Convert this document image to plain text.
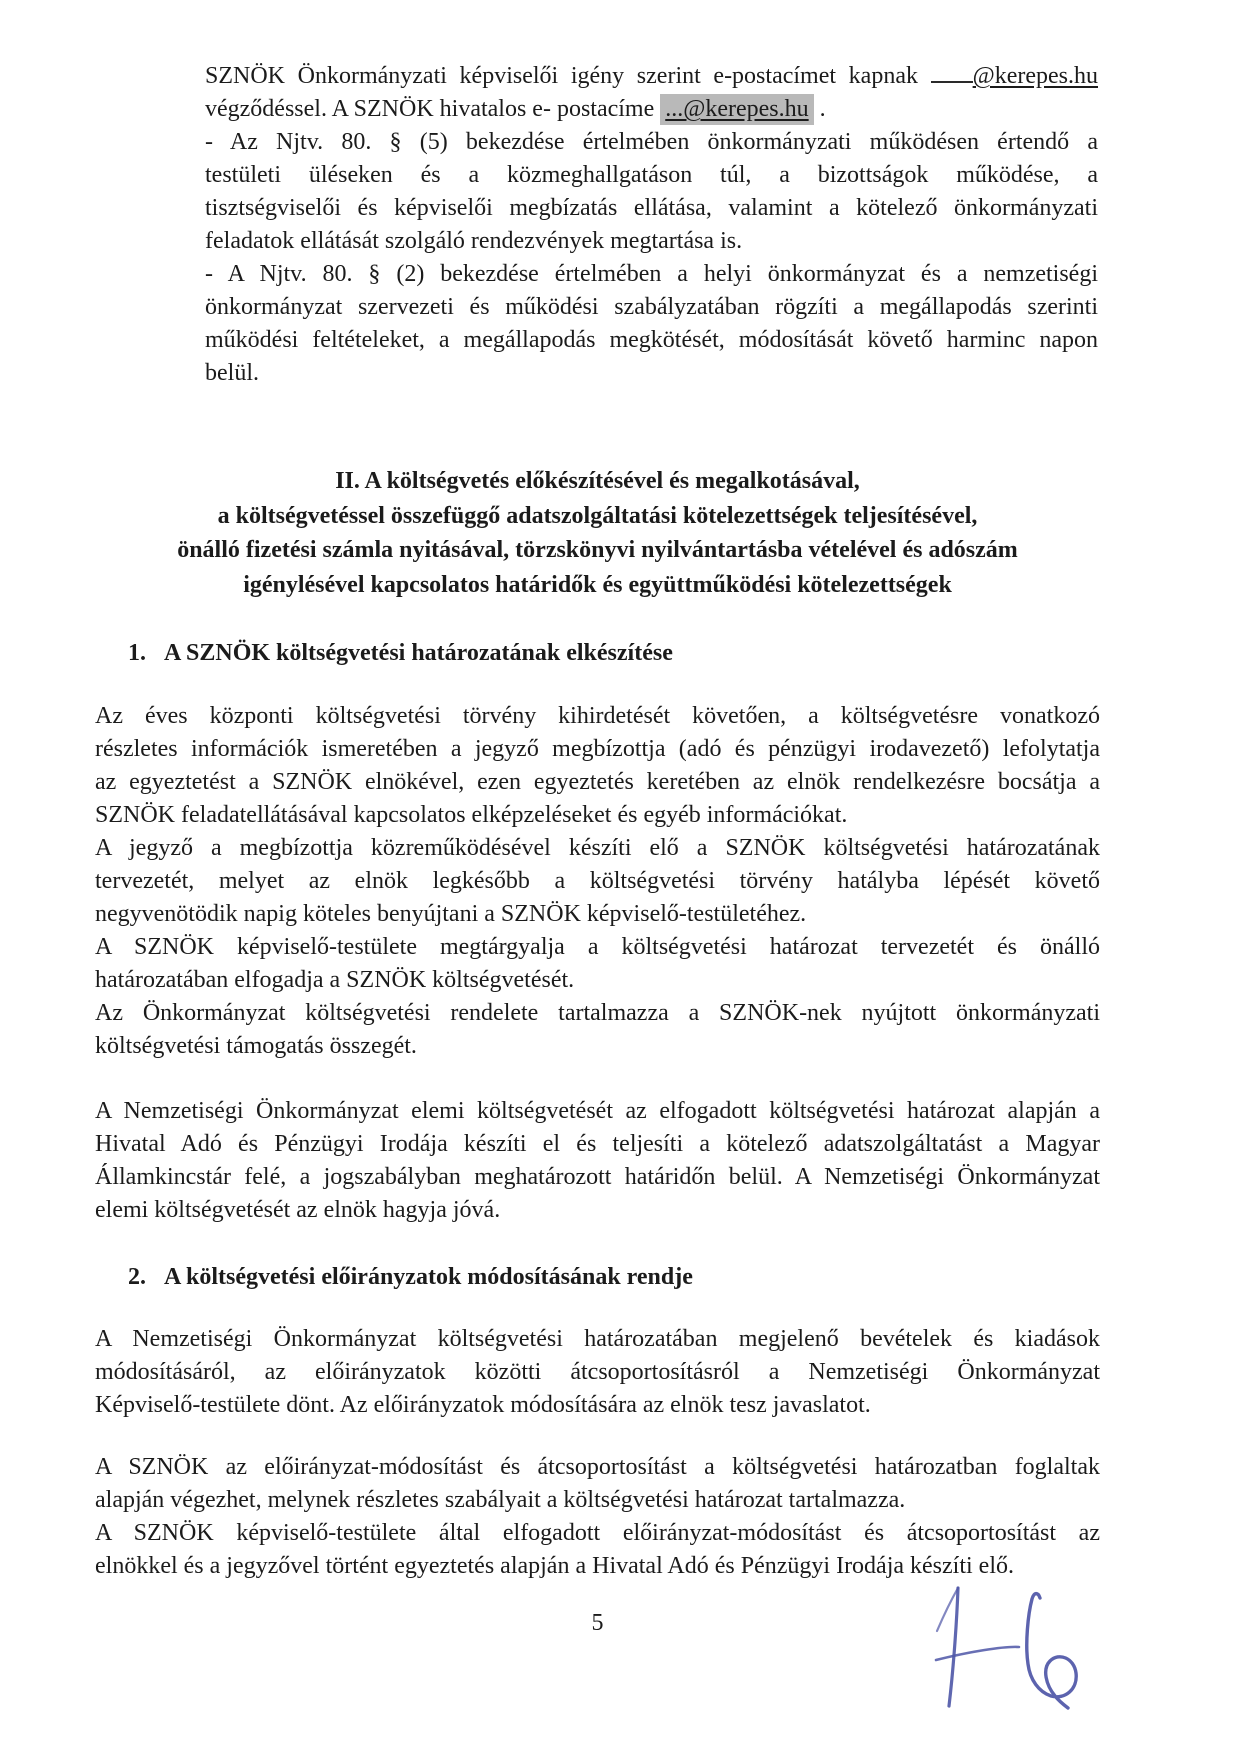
SZNÖK Önkormányzati képviselői igény szerint e-postacímet kapnak @kerepes.hu
végződéssel. A SZNÖK hivatalos e- postacíme ...@kerepes.hu .
- Az Njtv. 80. § (5) bekezdése értelmében önkormányzati működésen értendő a
testületi üléseken és a közmeghallgatáson túl, a bizottságok működése, a
tisztségviselői és képviselői megbízatás ellátása, valamint a kötelező önkormányzati
feladatok ellátását szolgáló rendezvények megtartása is.
- A Njtv. 80. § (2) bekezdése értelmében a helyi önkormányzat és a nemzetiségi
önkormányzat szervezeti és működési szabályzatában rögzíti a megállapodás szerinti
működési feltételeket, a megállapodás megkötését, módosítását követő harminc napon
belül.
II. A költségvetés előkészítésével és megalkotásával,
a költségvetéssel összefüggő adatszolgáltatási kötelezettségek teljesítésével,
önálló fizetési számla nyitásával, törzskönyvi nyilvántartásba vételével és adószám
igénylésével kapcsolatos határidők és együttműködési kötelezettségek
1. A SZNÖK költségvetési határozatának elkészítése
Az éves központi költségvetési törvény kihirdetését követően, a költségvetésre vonatkozó
részletes információk ismeretében a jegyző megbízottja (adó és pénzügyi irodavezető) lefolytatja
az egyeztetést a SZNÖK elnökével, ezen egyeztetés keretében az elnök rendelkezésre bocsátja a
SZNÖK feladatellátásával kapcsolatos elképzeléseket és egyéb információkat.
A jegyző a megbízottja közreműködésével készíti elő a SZNÖK költségvetési határozatának
tervezetét, melyet az elnök legkésőbb a költségvetési törvény hatályba lépését követő
negyvenötödik napig köteles benyújtani a SZNÖK képviselő-testületéhez.
A SZNÖK képviselő-testülete megtárgyalja a költségvetési határozat tervezetét és önálló
határozatában elfogadja a SZNÖK költségvetését.
Az Önkormányzat költségvetési rendelete tartalmazza a SZNÖK-nek nyújtott önkormányzati
költségvetési támogatás összegét.
A Nemzetiségi Önkormányzat elemi költségvetését az elfogadott költségvetési határozat alapján a
Hivatal Adó és Pénzügyi Irodája készíti el és teljesíti a kötelező adatszolgáltatást a Magyar
Államkincstár felé, a jogszabályban meghatározott határidőn belül. A Nemzetiségi Önkormányzat
elemi költségvetését az elnök hagyja jóvá.
2. A költségvetési előirányzatok módosításának rendje
A Nemzetiségi Önkormányzat költségvetési határozatában megjelenő bevételek és kiadások
módosításáról, az előirányzatok közötti átcsoportosításról a Nemzetiségi Önkormányzat
Képviselő-testülete dönt. Az előirányzatok módosítására az elnök tesz javaslatot.
A SZNÖK az előirányzat-módosítást és átcsoportosítást a költségvetési határozatban foglaltak
alapján végezhet, melynek részletes szabályait a költségvetési határozat tartalmazza.
A SZNÖK képviselő-testülete által elfogadott előirányzat-módosítást és átcsoportosítást az
elnökkel és a jegyzővel történt egyeztetés alapján a Hivatal Adó és Pénzügyi Irodája készíti elő.
5
